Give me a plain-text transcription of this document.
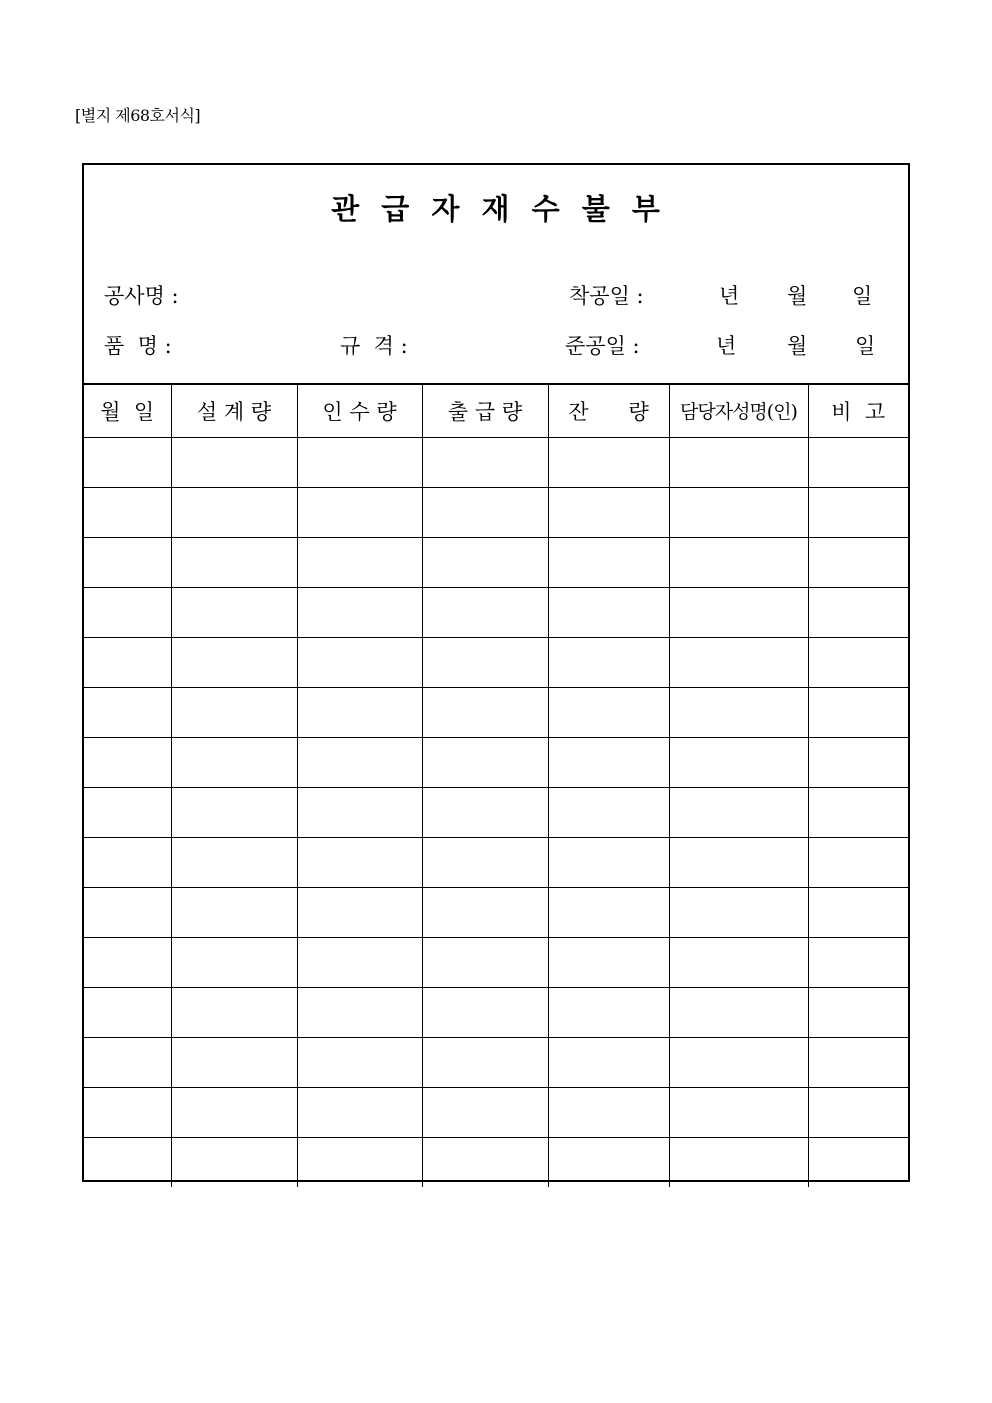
[별지 제68호서식]
관 급 자 재 수 불 부
공사명 :	착공일 :	년 월 일
품  명 :	규  격 :	준공일 :	년 월 일
월  일	설 계 량	인 수 량	출 급 량	잔      량	담당자성명(인)	비  고
